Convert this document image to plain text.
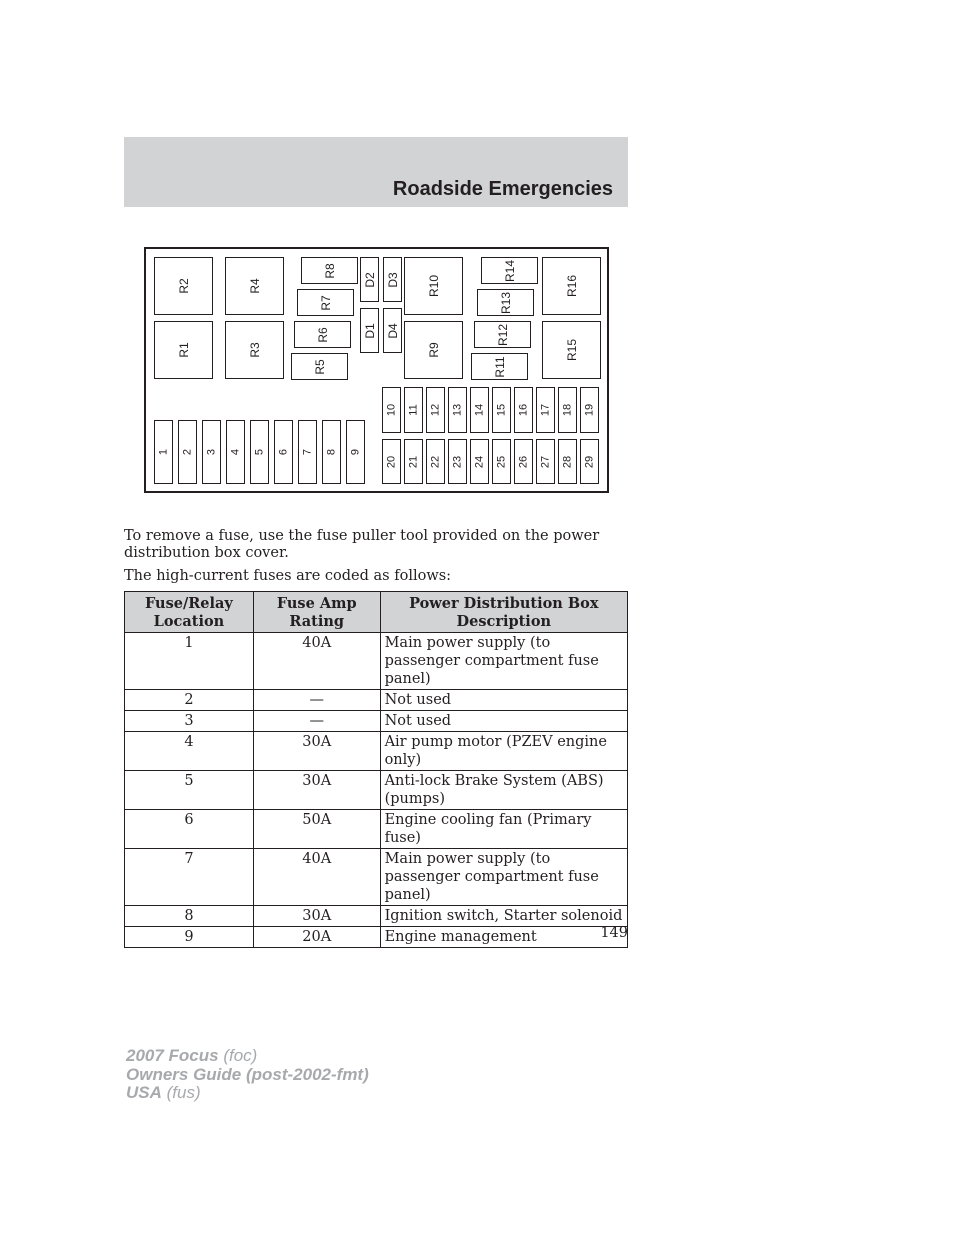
Roadside Emergencies
R2
R1
R4
R3
R8
R7
R6
R5
D2 D3
D1 D4
R10
R9
R14
R13
R12
R11
R16
R15
1 2 3 4 5 6 7 8 9
10 11 12 13 14 15 16 17 18 19
20 21 22 23 24 25 26 27 28 29

To remove a fuse, use the fuse puller tool provided on the power distribution box cover.

The high-current fuses are coded as follows:

Fuse/Relay Location	Fuse Amp Rating	Power Distribution Box Description
1	40A	Main power supply (to passenger compartment fuse panel)
2	—	Not used
3	—	Not used
4	30A	Air pump motor (PZEV engine only)
5	30A	Anti-lock Brake System (ABS) (pumps)
6	50A	Engine cooling fan (Primary fuse)
7	40A	Main power supply (to passenger compartment fuse panel)
8	30A	Ignition switch, Starter solenoid
9	20A	Engine management	149
2007 Focus (foc)
Owners Guide (post-2002-fmt)
USA (fus)
